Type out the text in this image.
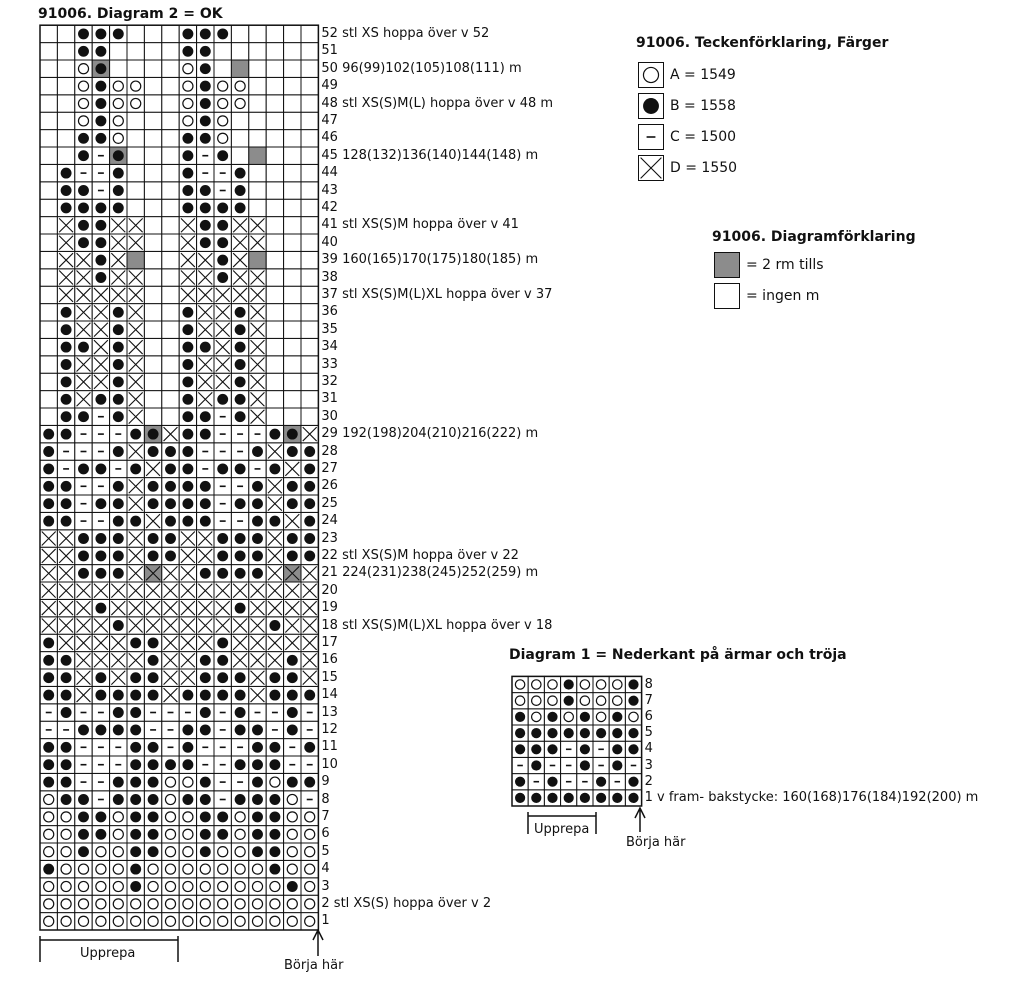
91006. Diagram 2 = OK
1
2 stl XS(S) hoppa över v 2
3
4
5
6
7
8
9
10
11
12
13
14
15
16
17
18 stl XS(S)M(L)XL hoppa över v 18
19
20
21 224(231)238(245)252(259) m
22 stl XS(S)M hoppa över v 22
23
24
25
26
27
28
29 192(198)204(210)216(222) m
30
31
32
33
34
35
36
37 stl XS(S)M(L)XL hoppa över v 37
38
39 160(165)170(175)180(185) m
40
41 stl XS(S)M hoppa över v 41
42
43
44
45 128(132)136(140)144(148) m
46
47
48 stl XS(S)M(L) hoppa över v 48 m
49
50 96(99)102(105)108(111) m
51
52 stl XS hoppa över v 52
Upprepa
Börja här
91006. Teckenförklaring, Färger
A = 1549
B = 1558
C = 1500
D = 1550
91006. Diagramförklaring
= 2 rm tills
= ingen m
Diagram 1 = Nederkant på ärmar och tröja
1 v fram- bakstycke: 160(168)176(184)192(200) m
2
3
4
5
6
7
8
Upprepa
Börja här
